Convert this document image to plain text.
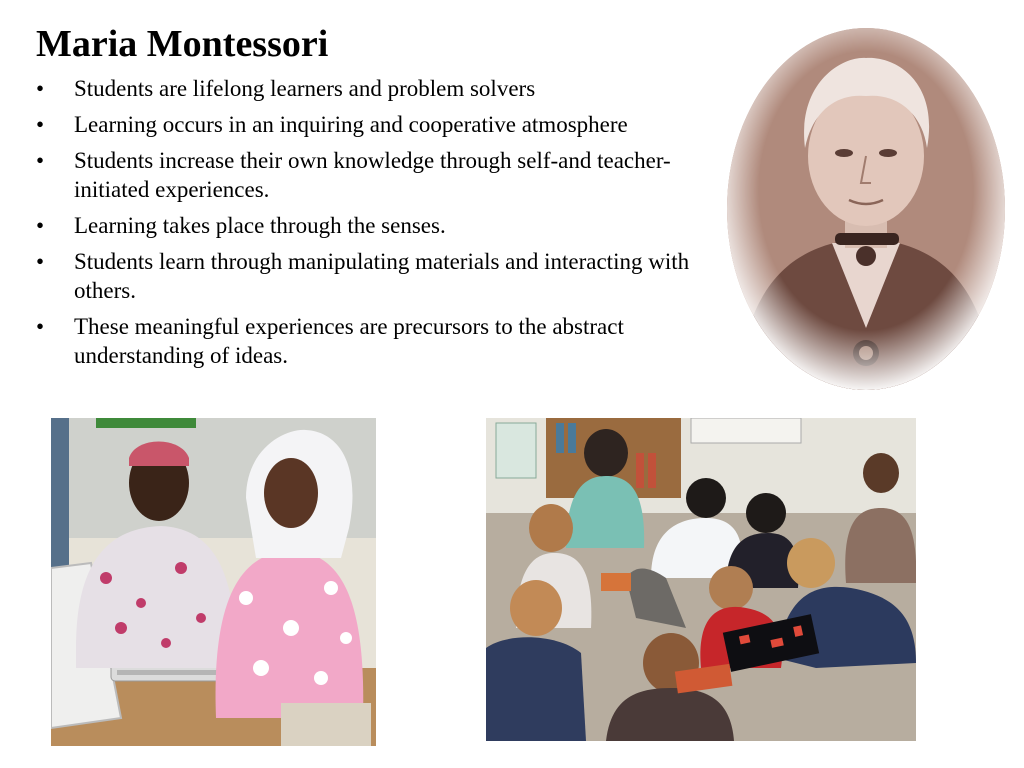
Maria Montessori
• Students are lifelong learners and problem solvers
• Learning occurs in an inquiring and cooperative atmosphere
• Students increase their own knowledge through self-and teacher-initiated experiences.
• Learning takes place through the senses.
• Students learn through manipulating materials and interacting with others.
• These meaningful experiences are precursors to the abstract understanding of ideas.
